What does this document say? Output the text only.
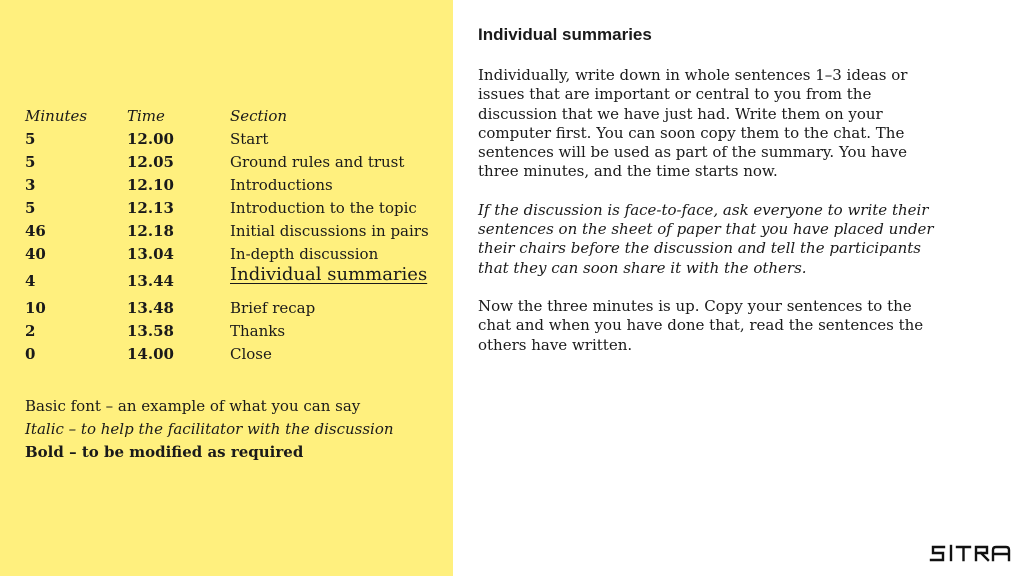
Minutes	Time	Section
5	12.00	Start
5	12.05	Ground rules and trust
3	12.10	Introductions
5	12.13	Introduction to the topic
46	12.18	Initial discussions in pairs
40	13.04	In-depth discussion
4	13.44	Individual summaries
10	13.48	Brief recap
2	13.58	Thanks
0	14.00	Close
Basic font – an example of what you can say
Italic – to help the facilitator with the discussion
Bold – to be modified as required
Individual summaries

Individually, write down in whole sentences 1–3 ideas or issues that are important or central to you from the discussion that we have just had. Write them on your computer first. You can soon copy them to the chat. The sentences will be used as part of the summary. You have three minutes, and the time starts now.

If the discussion is face-to-face, ask everyone to write their sentences on the sheet of paper that you have placed under their chairs before the discussion and tell the participants that they can soon share it with the others.

Now the three minutes is up. Copy your sentences to the chat and when you have done that, read the sentences the others have written.
